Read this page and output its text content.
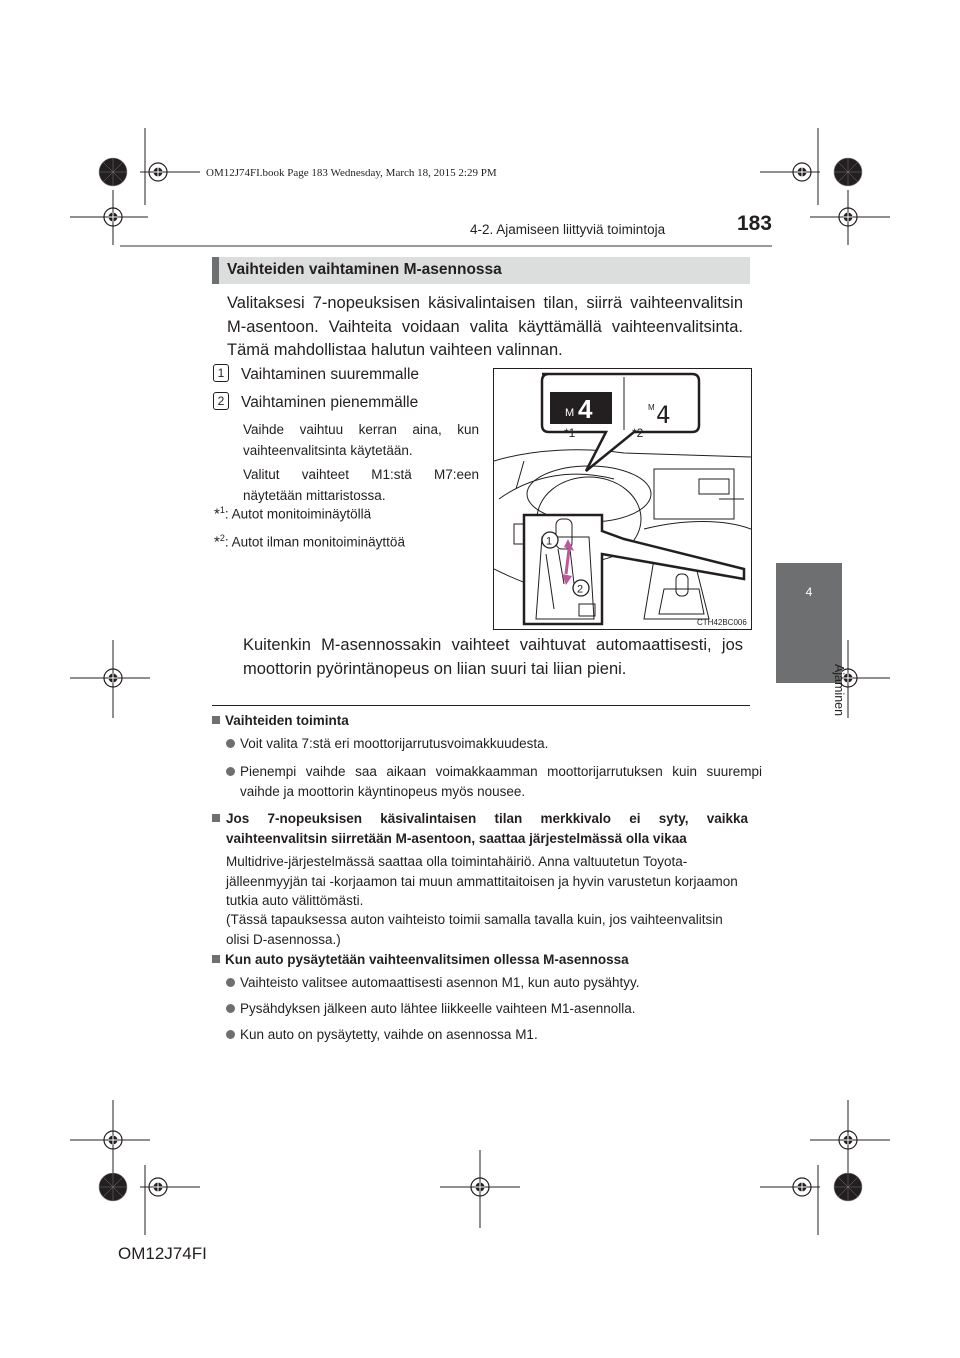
OM12J74FI.book Page 183 Wednesday, March 18, 2015 2:29 PM
4-2. Ajamiseen liittyviä toimintoja	183
4
Ajaminen
Vaihteiden vaihtaminen M-asennossa

Valitaksesi 7-nopeuksisen käsivalintaisen tilan, siirrä vaihteenvalitsin M-asentoon. Vaihteita voidaan valita käyttämällä vaihteenvalitsinta. Tämä mahdollistaa halutun vaihteen valinnan.

1 Vaihtaminen suuremmalle
2 Vaihtaminen pienemmälle

Vaihde vaihtuu kerran aina, kun vaihteenvalitsinta käytetään.

Valitut vaihteet M1:stä M7:een näytetään mittaristossa.

*$^1$: Autot monitoiminäytöllä
*$^2$: Autot ilman monitoiminäyttöä
M 4	M 4
*1	*2
1
2
CTH42BC006

Kuitenkin M-asennossakin vaihteet vaihtuvat automaattisesti, jos moottorin pyörintänopeus on liian suuri tai liian pieni.

Vaihteiden toiminta
Voit valita 7:stä eri moottorijarrutusvoimakkuudesta.
Pienempi vaihde saa aikaan voimakkaamman moottorijarrutuksen kuin suurempi vaihde ja moottorin käyntinopeus myös nousee.

Jos 7-nopeuksisen käsivalintaisen tilan merkkivalo ei syty, vaikka vaihteenvalitsin siirretään M-asentoon, saattaa järjestelmässä olla vikaa

Multidrive-järjestelmässä saattaa olla toimintahäiriö. Anna valtuutetun Toyota-jälleenmyyjän tai -korjaamon tai muun ammattitaitoisen ja hyvin varustetun korjaamon tutkia auto välittömästi.

(Tässä tapauksessa auton vaihteisto toimii samalla tavalla kuin, jos vaihteenvalitsin olisi D-asennossa.)

Kun auto pysäytetään vaihteenvalitsimen ollessa M-asennossa
Vaihteisto valitsee automaattisesti asennon M1, kun auto pysähtyy.
Pysähdyksen jälkeen auto lähtee liikkeelle vaihteen M1-asennolla.
Kun auto on pysäytetty, vaihde on asennossa M1.
OM12J74FI
